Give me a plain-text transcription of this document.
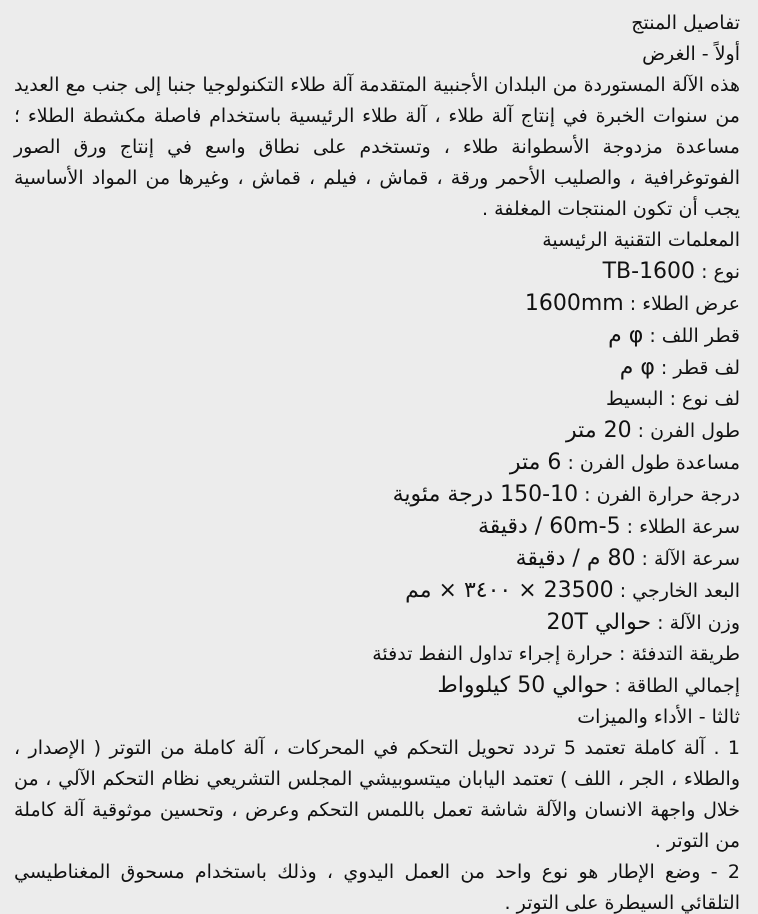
تفاصيل المنتج

أولاً - الغرض

هذه الآلة المستوردة من البلدان الأجنبية المتقدمة آلة طلاء التكنولوجيا جنبا إلى جنب مع العديد من سنوات الخبرة في إنتاج آلة طلاء ، آلة طلاء الرئيسية باستخدام فاصلة مكشطة الطلاء ؛ مساعدة مزدوجة الأسطوانة طلاء ، وتستخدم على نطاق واسع في إنتاج ورق الصور الفوتوغرافية ، والصليب الأحمر ورقة ، قماش ، فيلم ، قماش ، وغيرها من المواد الأساسية يجب أن تكون المنتجات المغلفة .

المعلمات التقنية الرئيسية

نوع : TB-1600

عرض الطلاء : 1600mm

قطر اللف : φ م

لف قطر : φ م

لف نوع : البسيط

طول الفرن : 20 متر

مساعدة طول الفرن : 6 متر

درجة حرارة الفرن : 10-150 درجة مئوية

سرعة الطلاء : 5-60m / دقيقة

سرعة الآلة : 80 م / دقيقة

البعد الخارجي : 23500 × ٣٤٠٠ × مم

وزن الآلة : حوالي 20T

طريقة التدفئة : حرارة إجراء تداول النفط تدفئة

إجمالي الطاقة : حوالي 50 كيلوواط

ثالثا - الأداء والميزات

1 . آلة كاملة تعتمد 5 تردد تحويل التحكم في المحركات ، آلة كاملة من التوتر ( الإصدار ، والطلاء ، الجر ، اللف ) تعتمد اليابان ميتسوبيشي المجلس التشريعي نظام التحكم الآلي ، من خلال واجهة الانسان والآلة شاشة تعمل باللمس التحكم وعرض ، وتحسين موثوقية آلة كاملة من التوتر .

2 - وضع الإطار هو نوع واحد من العمل اليدوي ، وذلك باستخدام مسحوق المغناطيسي التلقائي السيطرة على التوتر .
